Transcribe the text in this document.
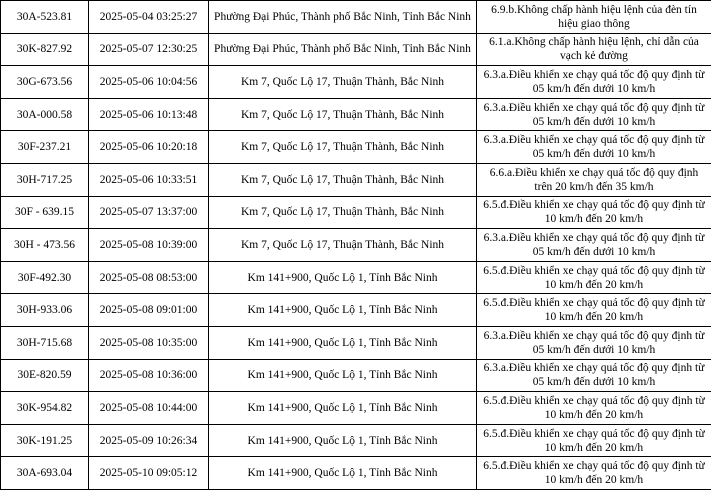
30A-523.81	2025-05-04 03:25:27	Phường Đại Phúc, Thành phố Bắc Ninh, Tỉnh Bắc Ninh	6.9.b.Không chấp hành hiệu lệnh của đèn tín hiệu giao thông
30K-827.92	2025-05-07 12:30:25	Phường Đại Phúc, Thành phố Bắc Ninh, Tỉnh Bắc Ninh	6.1.a.Không chấp hành hiệu lệnh, chỉ dẫn của vạch kẻ đường
30G-673.56	2025-05-06 10:04:56	Km 7, Quốc Lộ 17, Thuận Thành, Bắc Ninh	6.3.a.Điều khiển xe chạy quá tốc độ quy định từ 05 km/h đến dưới 10 km/h
30A-000.58	2025-05-06 10:13:48	Km 7, Quốc Lộ 17, Thuận Thành, Bắc Ninh	6.3.a.Điều khiển xe chạy quá tốc độ quy định từ 05 km/h đến dưới 10 km/h
30F-237.21	2025-05-06 10:20:18	Km 7, Quốc Lộ 17, Thuận Thành, Bắc Ninh	6.3.a.Điều khiển xe chạy quá tốc độ quy định từ 05 km/h đến dưới 10 km/h
30H-717.25	2025-05-06 10:33:51	Km 7, Quốc Lộ 17, Thuận Thành, Bắc Ninh	6.6.a.Điều khiển xe chạy quá tốc độ quy định trên 20 km/h đến 35 km/h
30F - 639.15	2025-05-07 13:37:00	Km 7, Quốc Lộ 17, Thuận Thành, Bắc Ninh	6.5.đ.Điều khiển xe chạy quá tốc độ quy định từ 10 km/h đến 20 km/h
30H - 473.56	2025-05-08 10:39:00	Km 7, Quốc Lộ 17, Thuận Thành, Bắc Ninh	6.3.a.Điều khiển xe chạy quá tốc độ quy định từ 05 km/h đến dưới 10 km/h
30F-492.30	2025-05-08 08:53:00	Km 141+900, Quốc Lộ 1, Tỉnh Bắc Ninh	6.5.đ.Điều khiển xe chạy quá tốc độ quy định từ 10 km/h đến 20 km/h
30H-933.06	2025-05-08 09:01:00	Km 141+900, Quốc Lộ 1, Tỉnh Bắc Ninh	6.5.đ.Điều khiển xe chạy quá tốc độ quy định từ 10 km/h đến 20 km/h
30H-715.68	2025-05-08 10:35:00	Km 141+900, Quốc Lộ 1, Tỉnh Bắc Ninh	6.3.a.Điều khiển xe chạy quá tốc độ quy định từ 05 km/h đến dưới 10 km/h
30E-820.59	2025-05-08 10:36:00	Km 141+900, Quốc Lộ 1, Tỉnh Bắc Ninh	6.3.a.Điều khiển xe chạy quá tốc độ quy định từ 05 km/h đến dưới 10 km/h
30K-954.82	2025-05-08 10:44:00	Km 141+900, Quốc Lộ 1, Tỉnh Bắc Ninh	6.5.đ.Điều khiển xe chạy quá tốc độ quy định từ 10 km/h đến 20 km/h
30K-191.25	2025-05-09 10:26:34	Km 141+900, Quốc Lộ 1, Tỉnh Bắc Ninh	6.5.đ.Điều khiển xe chạy quá tốc độ quy định từ 10 km/h đến 20 km/h
30A-693.04	2025-05-10 09:05:12	Km 141+900, Quốc Lộ 1, Tỉnh Bắc Ninh	6.5.đ.Điều khiển xe chạy quá tốc độ quy định từ 10 km/h đến 20 km/h
